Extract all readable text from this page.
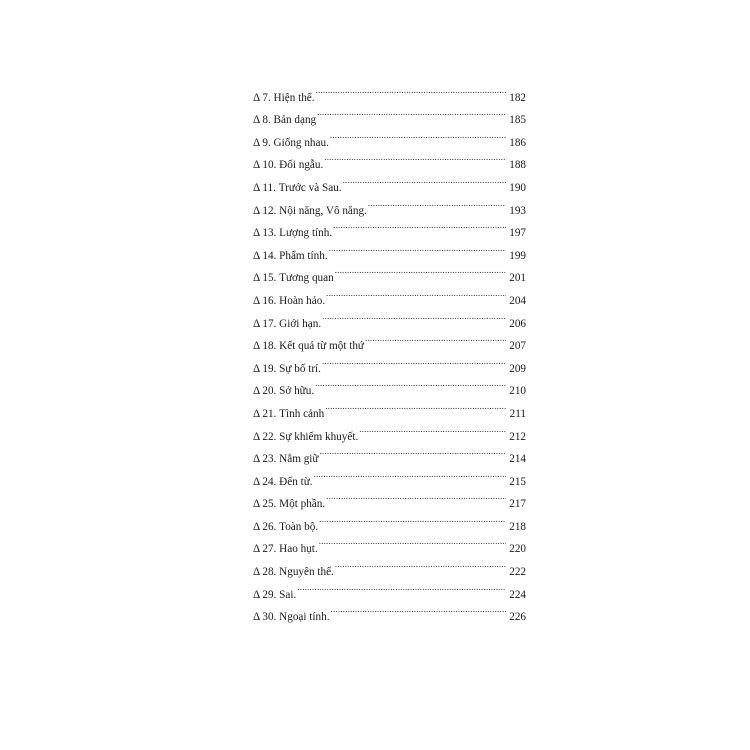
Δ 7. Hiện thể. .....	182
Δ 8. Bản dạng .....	185
Δ 9. Giống nhau. .....	186
Δ 10. Đối ngẫu. .....	188
Δ 11. Trước và Sau. .....	190
Δ 12. Nội năng, Vô năng. .....	193
Δ 13. Lượng tính. .....	197
Δ 14. Phẩm tính. .....	199
Δ 15. Tương quan .....	201
Δ 16. Hoàn hảo. .....	204
Δ 17. Giới hạn. .....	206
Δ 18. Kết quả từ một thứ .....	207
Δ 19. Sự bố trí. .....	209
Δ 20. Sở hữu. .....	210
Δ 21. Tình cảnh .....	211
Δ 22. Sự khiếm khuyết. .....	212
Δ 23. Nắm giữ .....	214
Δ 24. Đến từ. .....	215
Δ 25. Một phần. .....	217
Δ 26. Toàn bộ. .....	218
Δ 27. Hao hụt. .....	220
Δ 28. Nguyên thể. .....	222
Δ 29. Sai. .....	224
Δ 30. Ngoại tính. .....	226
